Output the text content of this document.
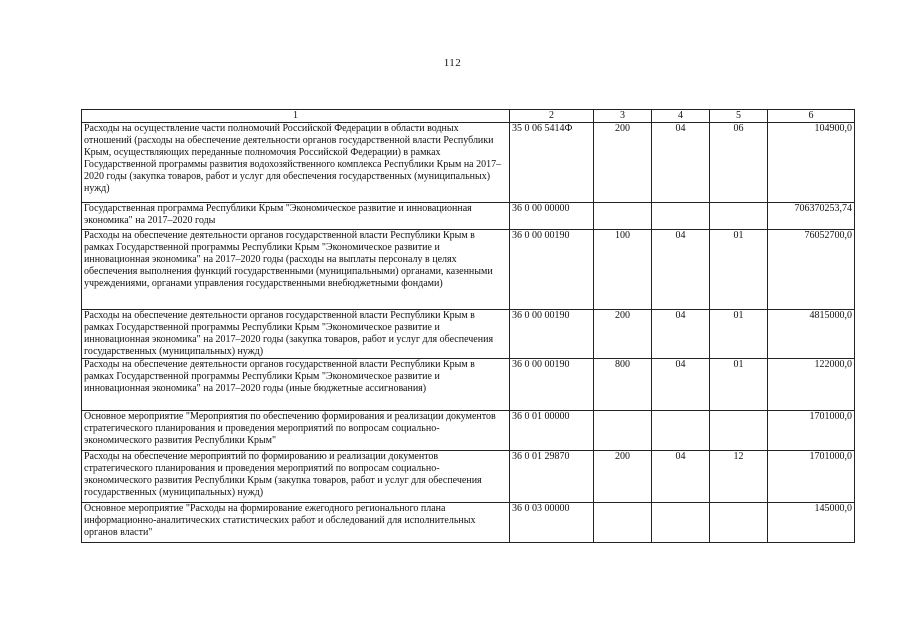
112
1	2	3	4	5	6
Расходы на осуществление части полномочий Российской Федерации в области водных отношений (расходы на обеспечение деятельности органов государственной власти Республики Крым, осуществляющих переданные полномочия Российской Федерации) в рамках Государственной программы развития водохозяйственного комплекса Республики Крым на 2017–2020 годы (закупка товаров, работ и услуг для обеспечения государственных (муниципальных) нужд)	35 0 06 5414Ф	200	04	06	104900,0
Государственная программа Республики Крым "Экономическое развитие и инновационная экономика" на 2017–2020 годы	36 0 00 00000				706370253,74
Расходы на обеспечение деятельности органов государственной власти Республики Крым в рамках Государственной программы Республики Крым "Экономическое развитие и инновационная экономика" на 2017–2020 годы (расходы на выплаты персоналу в целях обеспечения выполнения функций государственными (муниципальными) органами, казенными учреждениями, органами управления государственными внебюджетными фондами)	36 0 00 00190	100	04	01	76052700,0
Расходы на обеспечение деятельности органов государственной власти Республики Крым в рамках Государственной программы Республики Крым "Экономическое развитие и инновационная экономика" на 2017–2020 годы (закупка товаров, работ и услуг для обеспечения государственных (муниципальных) нужд)	36 0 00 00190	200	04	01	4815000,0
Расходы на обеспечение деятельности органов государственной власти Республики Крым в рамках Государственной программы Республики Крым "Экономическое развитие и инновационная экономика" на 2017–2020 годы (иные бюджетные ассигнования)	36 0 00 00190	800	04	01	122000,0
Основное мероприятие "Мероприятия по обеспечению формирования и реализации документов стратегического планирования и проведения мероприятий по вопросам социально-экономического развития Республики Крым"	36 0 01 00000				1701000,0
Расходы на обеспечение мероприятий по формированию и реализации документов стратегического планирования и проведения мероприятий по вопросам социально-экономического развития Республики Крым (закупка товаров, работ и услуг для обеспечения государственных (муниципальных) нужд)	36 0 01 29870	200	04	12	1701000,0
Основное мероприятие "Расходы на формирование ежегодного регионального плана информационно-аналитических статистических работ и обследований для исполнительных органов власти"	36 0 03 00000				145000,0
